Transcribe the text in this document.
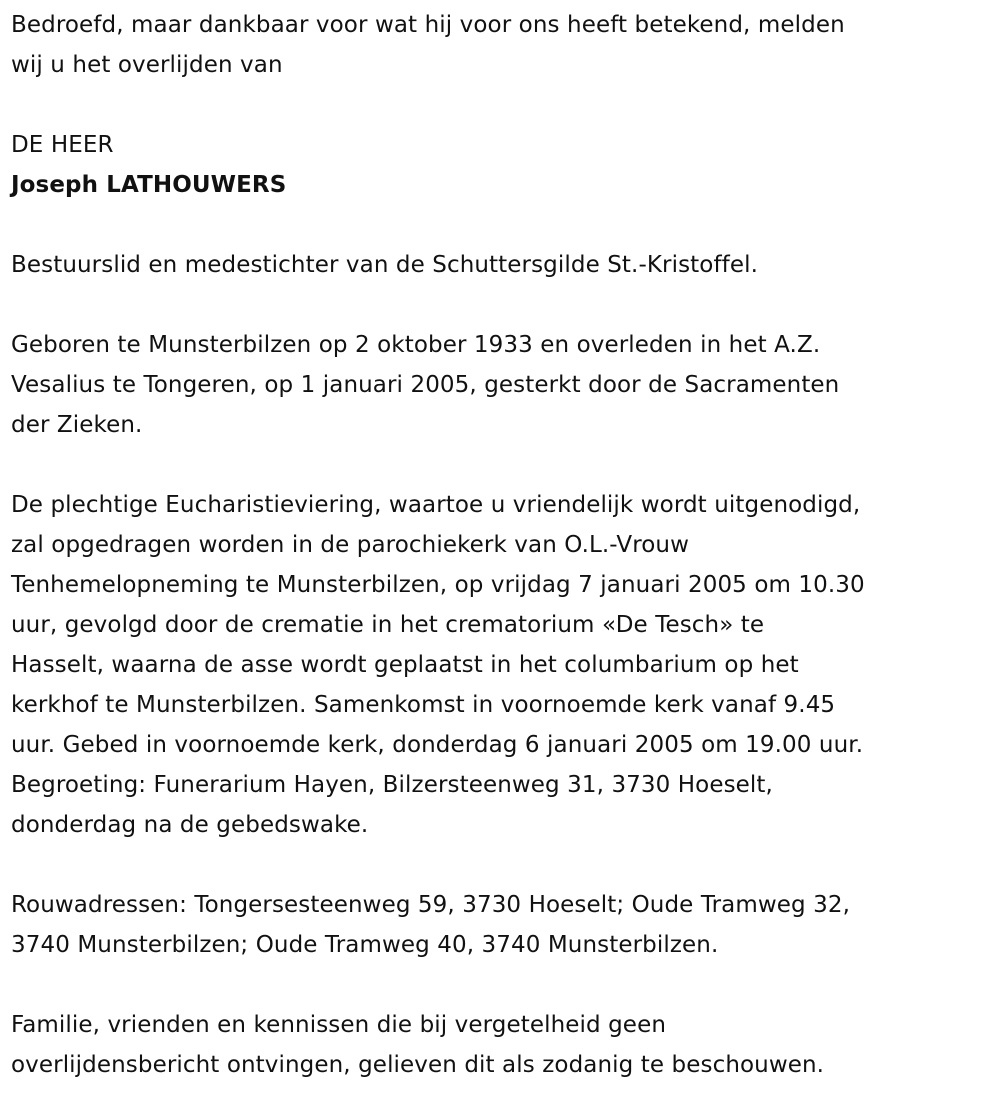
Bedroefd, maar dankbaar voor wat hij voor ons heeft betekend, melden
wij u het overlijden van

DE HEER

Joseph LATHOUWERS

Bestuurslid en medestichter van de Schuttersgilde St.-Kristoffel.

Geboren te Munsterbilzen op 2 oktober 1933 en overleden in het A.Z.
Vesalius te Tongeren, op 1 januari 2005, gesterkt door de Sacramenten
der Zieken.

De plechtige Eucharistieviering, waartoe u vriendelijk wordt uitgenodigd,
zal opgedragen worden in de parochiekerk van O.L.-Vrouw
Tenhemelopneming te Munsterbilzen, op vrijdag 7 januari 2005 om 10.30
uur, gevolgd door de crematie in het crematorium «De Tesch» te
Hasselt, waarna de asse wordt geplaatst in het columbarium op het
kerkhof te Munsterbilzen. Samenkomst in voornoemde kerk vanaf 9.45
uur. Gebed in voornoemde kerk, donderdag 6 januari 2005 om 19.00 uur.
Begroeting: Funerarium Hayen, Bilzersteenweg 31, 3730 Hoeselt,
donderdag na de gebedswake.

Rouwadressen: Tongersesteenweg 59, 3730 Hoeselt; Oude Tramweg 32,
3740 Munsterbilzen; Oude Tramweg 40, 3740 Munsterbilzen.

Familie, vrienden en kennissen die bij vergetelheid geen
overlijdensbericht ontvingen, gelieven dit als zodanig te beschouwen.
